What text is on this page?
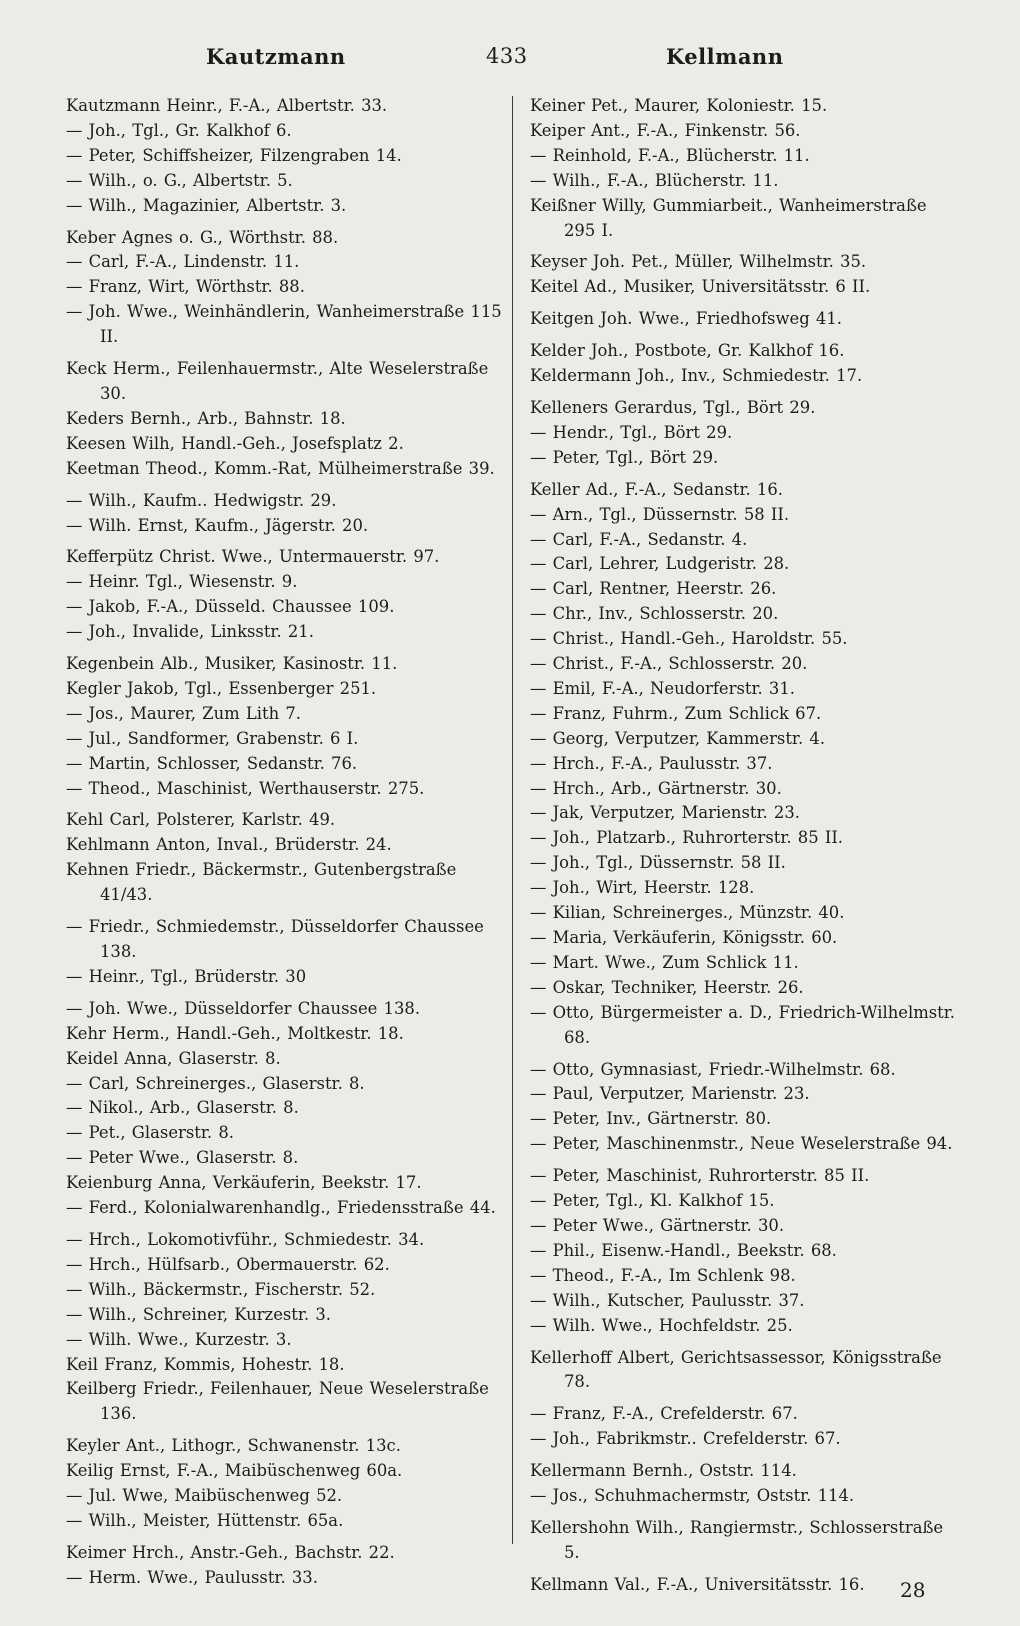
Kautzmann	433	Kellmann

Kautzmann Heinr., F.-A., Albertstr. 33.

— Joh., Tgl., Gr. Kalkhof 6.

— Peter, Schiffsheizer, Filzengraben 14.

— Wilh., o. G., Albertstr. 5.

— Wilh., Magazinier, Albertstr. 3.

Keber Agnes o. G., Wörthstr. 88.

— Carl, F.-A., Lindenstr. 11.

— Franz, Wirt, Wörthstr. 88.

— Joh. Wwe., Weinhändlerin, Wanheimerstraße 115 II.

Keck Herm., Feilenhauermstr., Alte Weselerstraße 30.

Keders Bernh., Arb., Bahnstr. 18.

Keesen Wilh, Handl.-Geh., Josefsplatz 2.

Keetman Theod., Komm.-Rat, Mülheimerstraße 39.

— Wilh., Kaufm.. Hedwigstr. 29.

— Wilh. Ernst, Kaufm., Jägerstr. 20.

Kefferpütz Christ. Wwe., Untermauerstr. 97.

— Heinr. Tgl., Wiesenstr. 9.

— Jakob, F.-A., Düsseld. Chaussee 109.

— Joh., Invalide, Linksstr. 21.

Kegenbein Alb., Musiker, Kasinostr. 11.

Kegler Jakob, Tgl., Essenberger 251.

— Jos., Maurer, Zum Lith 7.

— Jul., Sandformer, Grabenstr. 6 I.

— Martin, Schlosser, Sedanstr. 76.

— Theod., Maschinist, Werthauserstr. 275.

Kehl Carl, Polsterer, Karlstr. 49.

Kehlmann Anton, Inval., Brüderstr. 24.

Kehnen Friedr., Bäckermstr., Gutenbergstraße 41/43.

— Friedr., Schmiedemstr., Düsseldorfer Chaussee 138.

— Heinr., Tgl., Brüderstr. 30

— Joh. Wwe., Düsseldorfer Chaussee 138.

Kehr Herm., Handl.-Geh., Moltkestr. 18.

Keidel Anna, Glaserstr. 8.

— Carl, Schreinerges., Glaserstr. 8.

— Nikol., Arb., Glaserstr. 8.

— Pet., Glaserstr. 8.

— Peter Wwe., Glaserstr. 8.

Keienburg Anna, Verkäuferin, Beekstr. 17.

— Ferd., Kolonialwarenhandlg., Friedensstraße 44.

— Hrch., Lokomotivführ., Schmiedestr. 34.

— Hrch., Hülfsarb., Obermauerstr. 62.

— Wilh., Bäckermstr., Fischerstr. 52.

— Wilh., Schreiner, Kurzestr. 3.

— Wilh. Wwe., Kurzestr. 3.

Keil Franz, Kommis, Hohestr. 18.

Keilberg Friedr., Feilenhauer, Neue Weselerstraße 136.

Keyler Ant., Lithogr., Schwanenstr. 13c.

Keilig Ernst, F.-A., Maibüschenweg 60a.

— Jul. Wwe, Maibüschenweg 52.

— Wilh., Meister, Hüttenstr. 65a.

Keimer Hrch., Anstr.-Geh., Bachstr. 22.

— Herm. Wwe., Paulusstr. 33.

Keiner Pet., Maurer, Koloniestr. 15.

Keiper Ant., F.-A., Finkenstr. 56.

— Reinhold, F.-A., Blücherstr. 11.

— Wilh., F.-A., Blücherstr. 11.

Keißner Willy, Gummiarbeit., Wanheimerstraße 295 I.

Keyser Joh. Pet., Müller, Wilhelmstr. 35.

Keitel Ad., Musiker, Universitätsstr. 6 II.

Keitgen Joh. Wwe., Friedhofsweg 41.

Kelder Joh., Postbote, Gr. Kalkhof 16.

Keldermann Joh., Inv., Schmiedestr. 17.

Kelleners Gerardus, Tgl., Bört 29.

— Hendr., Tgl., Bört 29.

— Peter, Tgl., Bört 29.

Keller Ad., F.-A., Sedanstr. 16.

— Arn., Tgl., Düssernstr. 58 II.

— Carl, F.-A., Sedanstr. 4.

— Carl, Lehrer, Ludgeristr. 28.

— Carl, Rentner, Heerstr. 26.

— Chr., Inv., Schlosserstr. 20.

— Christ., Handl.-Geh., Haroldstr. 55.

— Christ., F.-A., Schlosserstr. 20.

— Emil, F.-A., Neudorferstr. 31.

— Franz, Fuhrm., Zum Schlick 67.

— Georg, Verputzer, Kammerstr. 4.

— Hrch., F.-A., Paulusstr. 37.

— Hrch., Arb., Gärtnerstr. 30.

— Jak, Verputzer, Marienstr. 23.

— Joh., Platzarb., Ruhrorterstr. 85 II.

— Joh., Tgl., Düssernstr. 58 II.

— Joh., Wirt, Heerstr. 128.

— Kilian, Schreinerges., Münzstr. 40.

— Maria, Verkäuferin, Königsstr. 60.

— Mart. Wwe., Zum Schlick 11.

— Oskar, Techniker, Heerstr. 26.

— Otto, Bürgermeister a. D., Friedrich-Wilhelmstr. 68.

— Otto, Gymnasiast, Friedr.-Wilhelmstr. 68.

— Paul, Verputzer, Marienstr. 23.

— Peter, Inv., Gärtnerstr. 80.

— Peter, Maschinenmstr., Neue Weselerstraße 94.

— Peter, Maschinist, Ruhrorterstr. 85 II.

— Peter, Tgl., Kl. Kalkhof 15.

— Peter Wwe., Gärtnerstr. 30.

— Phil., Eisenw.-Handl., Beekstr. 68.

— Theod., F.-A., Im Schlenk 98.

— Wilh., Kutscher, Paulusstr. 37.

— Wilh. Wwe., Hochfeldstr. 25.

Kellerhoff Albert, Gerichtsassessor, Königsstraße 78.

— Franz, F.-A., Crefelderstr. 67.

— Joh., Fabrikmstr.. Crefelderstr. 67.

Kellermann Bernh., Oststr. 114.

— Jos., Schuhmachermstr, Oststr. 114.

Kellershohn Wilh., Rangiermstr., Schlosserstraße 5.

Kellmann Val., F.-A., Universitätsstr. 16.	28
